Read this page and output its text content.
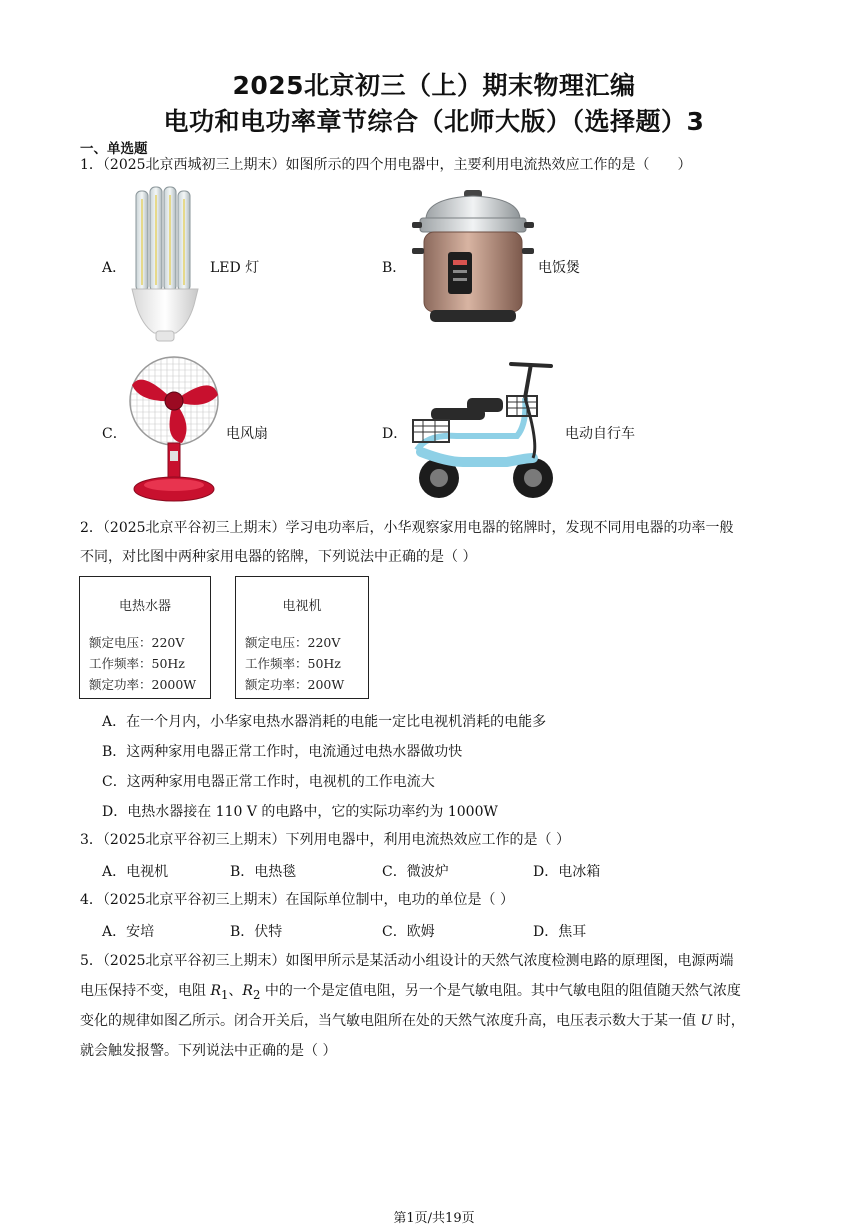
2025北京初三（上）期末物理汇编
电功和电功率章节综合（北师大版）（选择题）3
一、单选题
1．（2025北京西城初三上期末）如图所示的四个用电器中，主要利用电流热效应工作的是（　　）
A．	LED 灯	B．	电饭煲
C．	电风扇	D．	电动自行车
2．（2025北京平谷初三上期末）学习电功率后，小华观察家用电器的铭牌时，发现不同用电器的功率一般
不同，对比图中两种家用电器的铭牌，下列说法中正确的是（ ）
电热水器
额定电压：220V
工作频率：50Hz
额定功率：2000W
电视机
额定电压：220V
工作频率：50Hz
额定功率：200W
A．在一个月内，小华家电热水器消耗的电能一定比电视机消耗的电能多
B．这两种家用电器正常工作时，电流通过电热水器做功快
C．这两种家用电器正常工作时，电视机的工作电流大
D．电热水器接在 110 V 的电路中，它的实际功率约为 1000W
3．（2025北京平谷初三上期末）下列用电器中，利用电流热效应工作的是（ ）
A．电视机	B．电热毯	C．微波炉	D．电冰箱
4．（2025北京平谷初三上期末）在国际单位制中，电功的单位是（ ）
A．安培	B．伏特	C．欧姆	D．焦耳
5．（2025北京平谷初三上期末）如图甲所示是某活动小组设计的天然气浓度检测电路的原理图，电源两端
电压保持不变，电阻 $R_1$、$R_2$ 中的一个是定值电阻，另一个是气敏电阻。其中气敏电阻的阻值随天然气浓度
变化的规律如图乙所示。闭合开关后，当气敏电阻所在处的天然气浓度升高，电压表示数大于某一值 U 时，
就会触发报警。下列说法中正确的是（ ）
第1页/共19页
